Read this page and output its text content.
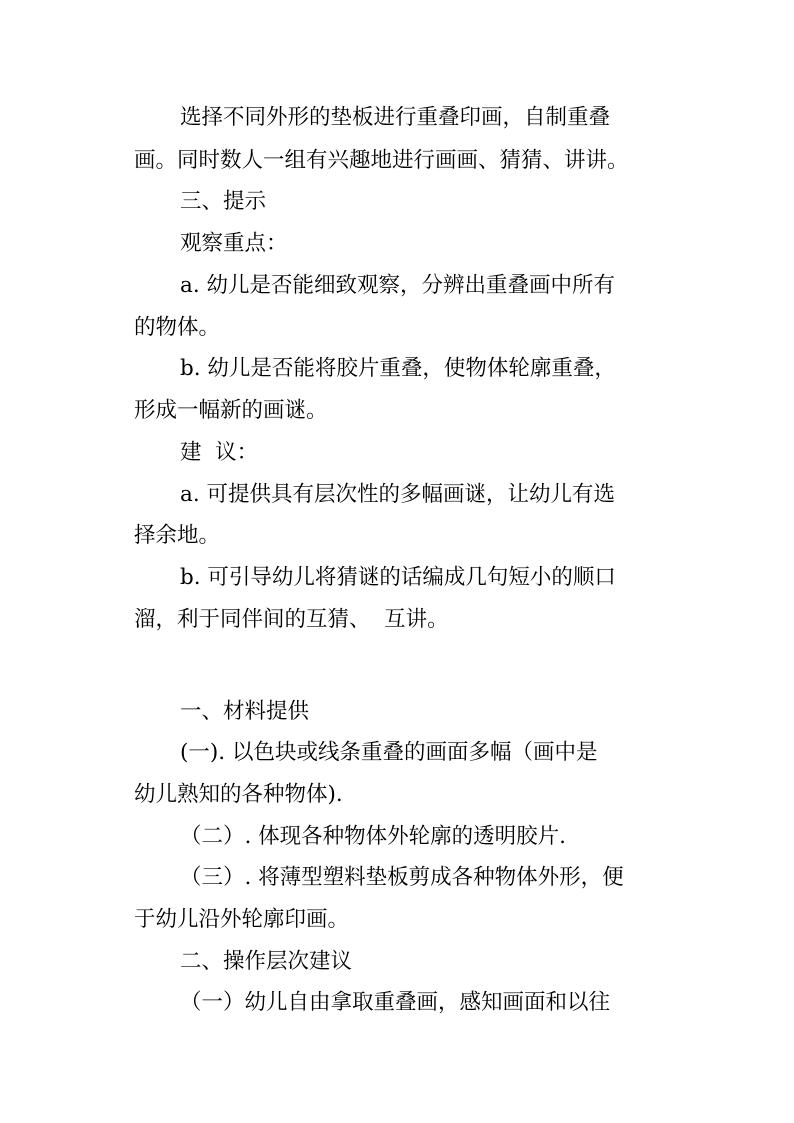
选择不同外形的垫板进行重叠印画，自制重叠
画。同时数人一组有兴趣地进行画画、猜猜、讲讲。
三、提示
观察重点：
a. 幼儿是否能细致观察，分辨出重叠画中所有
的物体。
b. 幼儿是否能将胶片重叠，使物体轮廓重叠，
形成一幅新的画谜。
建  议：
a. 可提供具有层次性的多幅画谜，让幼儿有选
择余地。
b. 可引导幼儿将猜谜的话编成几句短小的顺口
溜，利于同伴间的互猜、  互讲。
一、材料提供
(一). 以色块或线条重叠的画面多幅（画中是
幼儿熟知的各种物体).
（二）. 体现各种物体外轮廓的透明胶片.
（三）. 将薄型塑料垫板剪成各种物体外形，便
于幼儿沿外轮廓印画。
二、操作层次建议
（一）幼儿自由拿取重叠画，感知画面和以往
